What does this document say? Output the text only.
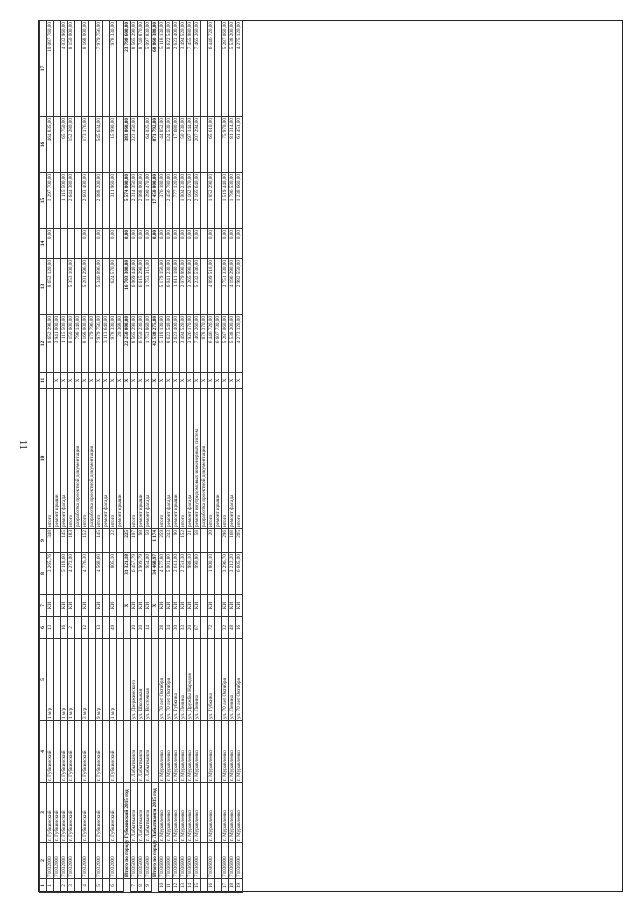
11
1	2	3	4	5	6	7	8	9	10	11	12	13	14	15	16	17
1	71032000	г. Губкинский	г. Губкинский	1 м/р	13	КИ	3 265,76	348	итого		8 652 298,00	8 652 120,00	0,00	1 297 700,00	464 835,00	10 087 760,00
	71032000	г. Губкинский							ремонт крыши	Х	3 941 000,00					
2	71032000	г. Губкинский	г. Губкинский	1 м/р	16	КИ	5 118,60	145	ремонт фасада	Х	1 115 500,00			1 115 500,00	65 750,00	4 032 960,00
3	71032000	г. Губкинский	г. Губкинский	1 м/р	2	КИ	4 272,00	183	итого	Х	8 150 000,00	5 353 100,00		2 644 380,00	152 280,00	8 150 000,00
									разработка проектной документации	Х	798 140,00					
4	71032000	г. Губкинский	г. Губкинский	3 м/р	12	КИ	4 776,30	152	итого	Х	8 168 000,00	5 201 296,00	0,00	2 603 400,00	173 176,00	8 168 000,00
									разработка проектной документации	Х	179 796,00					
5	71032000	г. Губкинский	г. Губкинский	9 м/р	13	КИ	4 568,60	145	итого	Х	7 979 756,00	5 346 096,00	0,00	2 088 200,00	545 634,00	7 979 756,00
									ремонт фасада	Х	3 113 640,00					
6	71032000	г. Губкинский	г. Губкинский	1 м/р	49	КИ	805,10	22	итого	Х	978 330,00	624 570,00	0,00	311 960,00	15 990,00	978 330,00
									ремонт крыши	Х	20 368,00					
						Х	31 321,18	225		Х	22 250 000,00	16 703 300,00	0,00	5 574 000,00	383 860,00	23 798 600,00
7	71035000	г. Лабытнанги	г. Лабытнанги	ул. Дзержинского	10	КИ	6 457,79	107	итого	Х	8 565 290,00	6 069 440,00	0,00	2 314 350,00	223 450,00	8 565 290,00
8	71035000	г. Лабытнанги	г. Лабытнанги	ул. Школьная	30	КИ	3 909,79	98	ремонт крыши	Х	6 550 230,00	6 615 290,00	0,00	2 088 000,00		8 740 870,00
9	71035000	г. Лабытнанги	г. Лабытнанги	ул. Восточная	14	КИ	954,00	50	ремонт фасада	Х	1 753 860,00	1 753 315,00	0,00	1 290 470,00	64 025,00	5 097 830,00
						Х	34 468,97	1 174		Х	42 538 275,00		0,00	17 450 000,00	871 792,00	60 860 380,00
10	71036000	г. Муравленко	г. Муравленко	ул. 70 лет Октября	28	КИ	4 577,80	259	итого	Х	5 118 130,00	5 179 150,00	0,00	376 180,00	44 852,00	5 118 130,00
11	71036000	г. Муравленко	г. Муравленко	ул. 70 лет Октября	34	КИ	5 001,80	243	ремонт фасада	Х	8 622 540,00	6 041 230,00	0,00	2 456 780,00	124 530,00	8 622 540,00
12	71036000	г. Муравленко	г. Муравленко	ул. Губкина	30	КИ	2 611,00	90	ремонт крыши	Х	2 623 400,00	1 811 180,00	0,00	777 120,00	17 680,00	2 623 400,00
13	71036000	г. Муравленко	г. Муравленко	ул. Ленина	33	КИ	2 251,30	152	итого	Х	3 494 520,00	2 079 990,00	0,00	1 004 230,00	50 230,00	3 494 520,00
14	71036000	г. Муравленко	г. Муравленко	ул. Дружбы Народов	20	КИ	988,10	21	ремонт фасада	Х	3 926 170,00	3 265 990,00	0,00	2 162 970,00	197 144,00	7 455 980,00
15	71036000	г. Муравленко	г. Муравленко	ул. Ленина	67	КИ	990,80	58	ремонт внутридомовых инженерных систем	Х	7 465 260,00	5 232 536,00	0,00	2 165 640,00	207 294,00	7 465 260,00
									разработка проектной документации	Х	878 370,00					
16	71036000	г. Муравленко	г. Муравленко	ул. Губкина	72	КИ	1 800,10	20	итого	Х	6 446 720,00	4 899 510,00	0,00	1 852 290,00	65 610,00	6 446 720,00
									ремонт крыши	Х	6 607 730,00					
17	71036000	г. Муравленко	г. Муравленко	ул. 70 лет Октября	32	КИ	3 296,70	296	итого	Х	5 287 060,00	3 751 330,00	0,00	1 519 440,00	75 970,00	5 287 060,00
18	71036000	г. Муравленко	г. Муравленко	ул. Ленина	48	КИ	3 212,20	168	ремонт фасада	Х	5 538 200,00	4 196 290,00	0,00	1 796 530,00	81 314,00	5 538 200,00
19	71036000	г. Муравленко	г. Муравленко	ул. 70 лет Октября	16	КИ	6 605,00	205	итого	Х	4 273 120,00	2 982 550,00	0,00	1 238 660,00	61 451,00	4 275 120,00
